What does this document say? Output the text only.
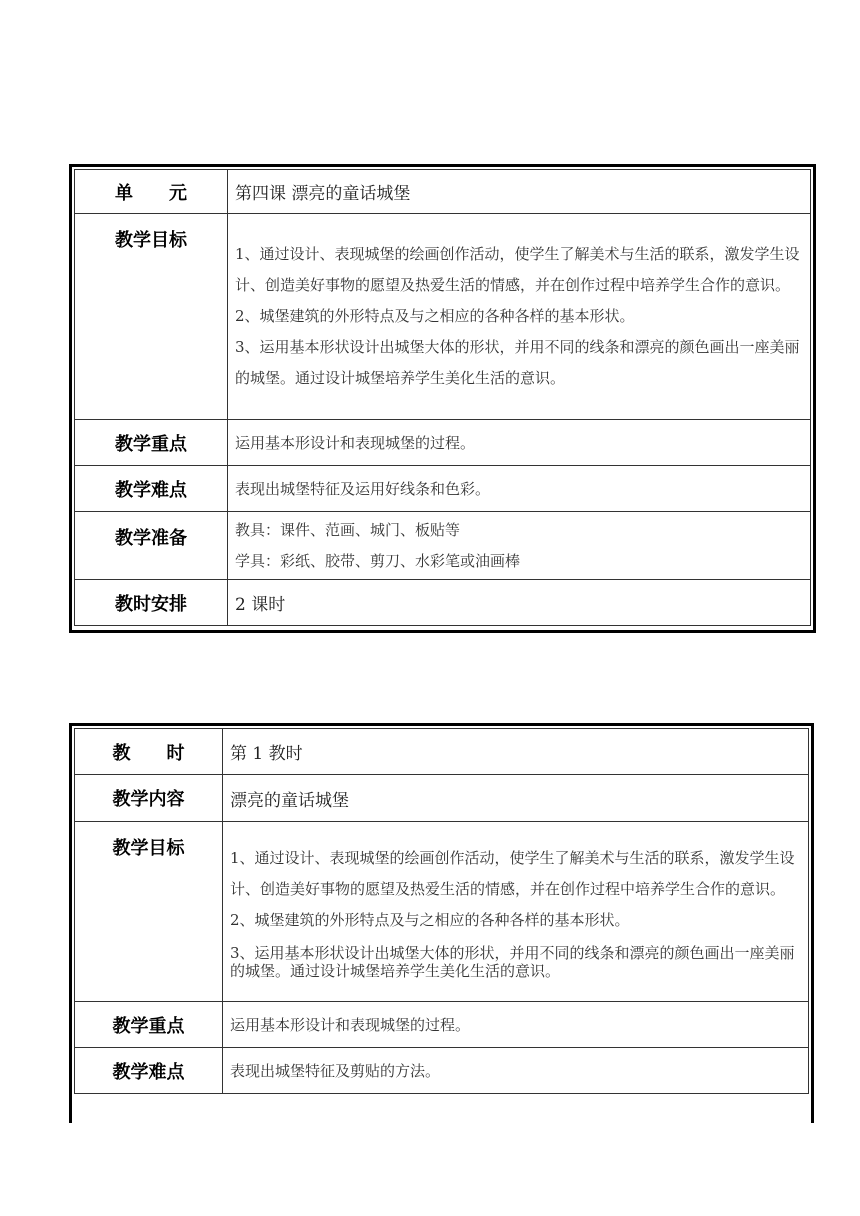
单　　元	第四课 漂亮的童话城堡
教学目标	1、通过设计、表现城堡的绘画创作活动，使学生了解美术与生活的联系，激发学生设计、创造美好事物的愿望及热爱生活的情感，并在创作过程中培养学生合作的意识。
2、城堡建筑的外形特点及与之相应的各种各样的基本形状。
3、运用基本形状设计出城堡大体的形状，并用不同的线条和漂亮的颜色画出一座美丽的城堡。通过设计城堡培养学生美化生活的意识。

教学重点	运用基本形设计和表现城堡的过程。
教学难点	表现出城堡特征及运用好线条和色彩。
教学准备	教具：课件、范画、城门、板贴等
学具：彩纸、胶带、剪刀、水彩笔或油画棒

教时安排	2 课时
教　　时	第 1 教时
教学内容	漂亮的童话城堡
教学目标	1、通过设计、表现城堡的绘画创作活动，使学生了解美术与生活的联系，激发学生设计、创造美好事物的愿望及热爱生活的情感，并在创作过程中培养学生合作的意识。
2、城堡建筑的外形特点及与之相应的各种各样的基本形状。
3、运用基本形状设计出城堡大体的形状，并用不同的线条和漂亮的颜色画出一座美丽的城堡。通过设计城堡培养学生美化生活的意识。

教学重点	运用基本形设计和表现城堡的过程。
教学难点	表现出城堡特征及剪贴的方法。
